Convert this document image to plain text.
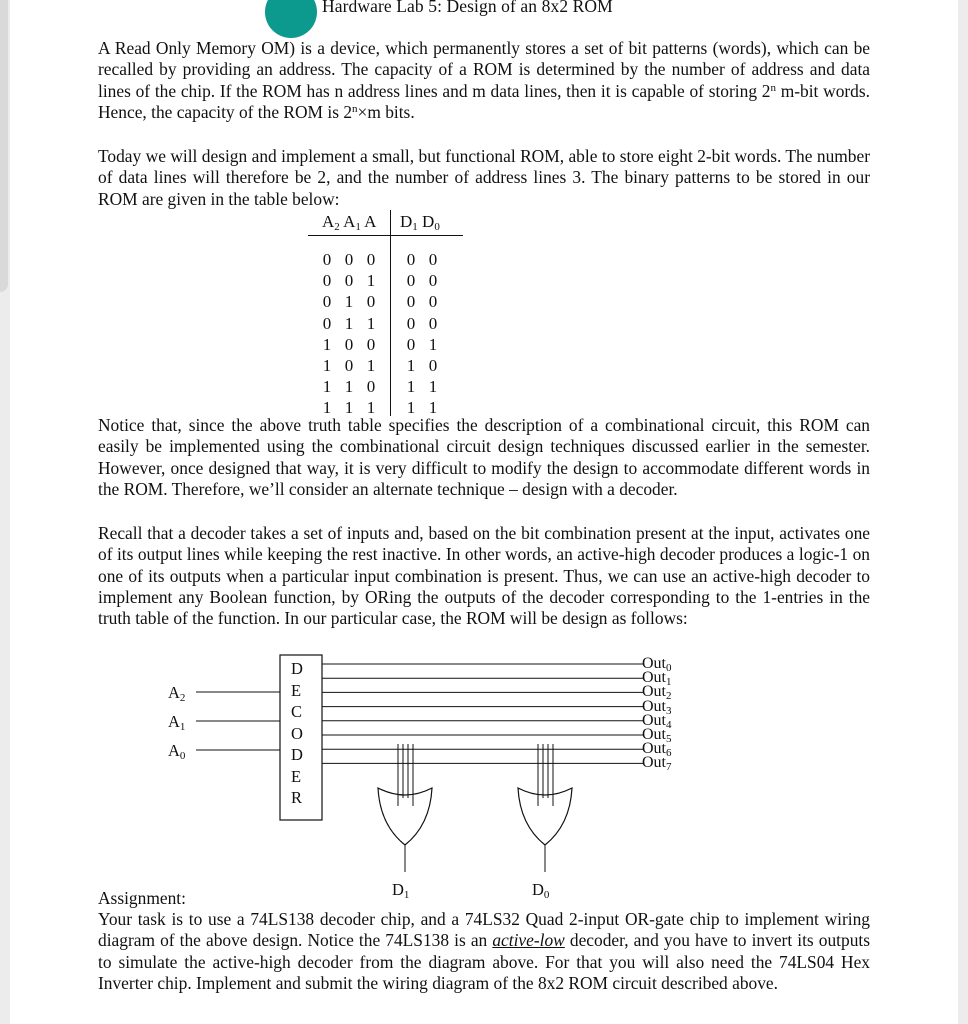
Hardware Lab 5: Design of an 8x2 ROM

A Read Only Memory OM) is a device, which permanently stores a set of bit patterns (words), which can be recalled by providing an address. The capacity of a ROM is determined by the number of address and data lines of the chip. If the ROM has n address lines and m data lines, then it is capable of storing 2$^n$ m-bit words. Hence, the capacity of the ROM is $2^n\times m$ bits.

Today we will design and implement a small, but functional ROM, able to store eight 2-bit words. The number of data lines will therefore be 2, and the number of address lines 3. The binary patterns to be stored in our ROM are given in the table below:

A2 A1 A D1 D0
0 0 0 0 0
0 0 1 0 0
0 1 0 0 0
0 1 1 0 0
1 0 0 0 1
1 0 1 1 0
1 1 0 1 1
1 1 1 1 1

Notice that, since the above truth table specifies the description of a combinational circuit, this ROM can easily be implemented using the combinational circuit design techniques discussed earlier in the semester. However, once designed that way, it is very difficult to modify the design to accommodate different words in the ROM. Therefore, we’ll consider an alternate technique – design with a decoder.

Recall that a decoder takes a set of inputs and, based on the bit combination present at the input, activates one of its output lines while keeping the rest inactive. In other words, an active-high decoder produces a logic-1 on one of its outputs when a particular input combination is present. Thus, we can use an active-high decoder to implement any Boolean function, by ORing the outputs of the decoder corresponding to the 1-entries in the truth table of the function. In our particular case, the ROM will be design as follows:

A2
A1
A0
D
E
C
O
D
E
R
Out0
Out1
Out2
Out3
Out4
Out5
Out6
Out7
D1	D0
Assignment:

Your task is to use a 74LS138 decoder chip, and a 74LS32 Quad 2-input OR-gate chip to implement wiring diagram of the above design. Notice the 74LS138 is an active-low decoder, and you have to invert its outputs to simulate the active-high decoder from the diagram above. For that you will also need the 74LS04 Hex Inverter chip. Implement and submit the wiring diagram of the 8x2 ROM circuit described above.
